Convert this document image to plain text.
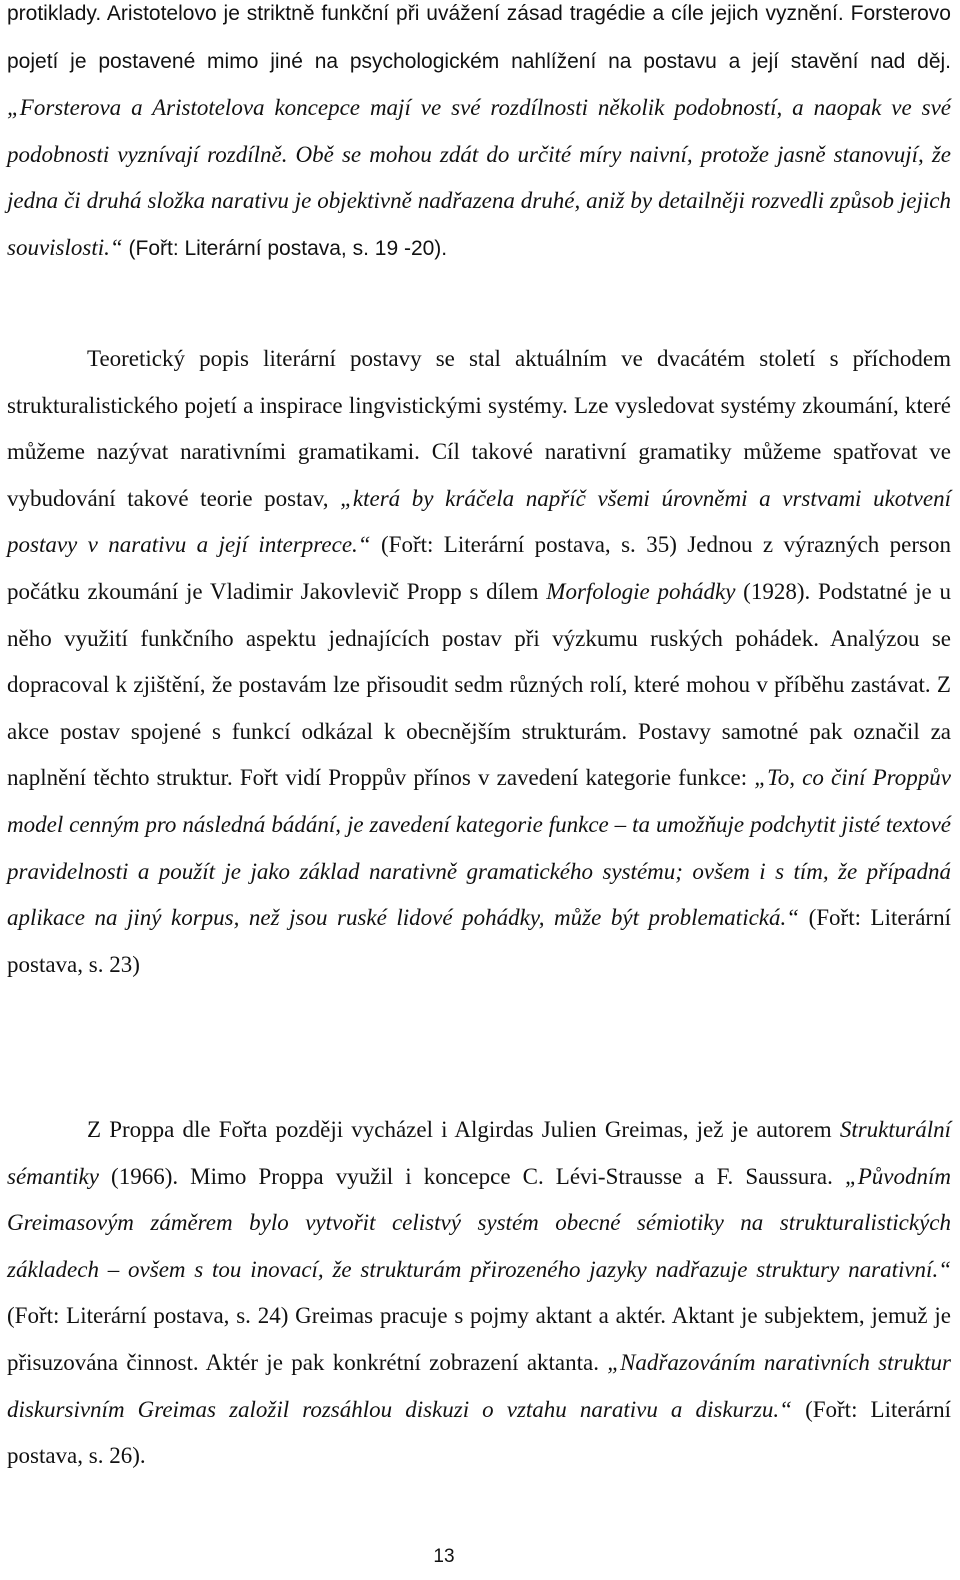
protiklady. Aristotelovo je striktně funkční při uvážení zásad tragédie a cíle jejich vyznění. Forsterovo pojetí je postavené mimo jiné na psychologickém nahlížení na postavu a její stavění nad děj. „Forsterova a Aristotelova koncepce mají ve své rozdílnosti několik podobností, a naopak ve své podobnosti vyznívají rozdílně. Obě se mohou zdát do určité míry naivní, protože jasně stanovují, že jedna či druhá složka narativu je objektivně nadřazena druhé, aniž by detailněji rozvedli způsob jejich souvislosti.“ (Fořt: Literární postava, s. 19 -20).

Teoretický popis literární postavy se stal aktuálním ve dvacátém století s příchodem strukturalistického pojetí a inspirace lingvistickými systémy. Lze vysledovat systémy zkoumání, které můžeme nazývat narativními gramatikami. Cíl takové narativní gramatiky můžeme spatřovat ve vybudování takové teorie postav, „která by kráčela napříč všemi úrovněmi a vrstvami ukotvení postavy v narativu a její interprece.“ (Fořt: Literární postava, s. 35) Jednou z výrazných person počátku zkoumání je Vladimir Jakovlevič Propp s dílem Morfologie pohádky (1928). Podstatné je u něho využití funkčního aspektu jednajících postav při výzkumu ruských pohádek. Analýzou se dopracoval k zjištění, že postavám lze přisoudit sedm různých rolí, které mohou v příběhu zastávat. Z akce postav spojené s funkcí odkázal k obecnějším strukturám. Postavy samotné pak označil za naplnění těchto struktur. Fořt vidí Proppův přínos v zavedení kategorie funkce: „To, co činí Proppův model cenným pro následná bádání, je zavedení kategorie funkce – ta umožňuje podchytit jisté textové pravidelnosti a použít je jako základ narativně gramatického systému; ovšem i s tím, že případná aplikace na jiný korpus, než jsou ruské lidové pohádky, může být problematická.“ (Fořt: Literární postava, s. 23)

Z Proppa dle Fořta později vycházel i Algirdas Julien Greimas, jež je autorem Strukturální sémantiky (1966). Mimo Proppa využil i koncepce C. Lévi-Strausse a F. Saussura. „Původním Greimasovým záměrem bylo vytvořit celistvý systém obecné sémiotiky na strukturalistických základech – ovšem s tou inovací, že strukturám přirozeného jazyky nadřazuje struktury narativní.“ (Fořt: Literární postava, s. 24) Greimas pracuje s pojmy aktant a aktér. Aktant je subjektem, jemuž je přisuzována činnost. Aktér je pak konkrétní zobrazení aktanta. „Nadřazováním narativních struktur diskursivním Greimas založil rozsáhlou diskuzi o vztahu narativu a diskurzu.“ (Fořt: Literární postava, s. 26).

13
